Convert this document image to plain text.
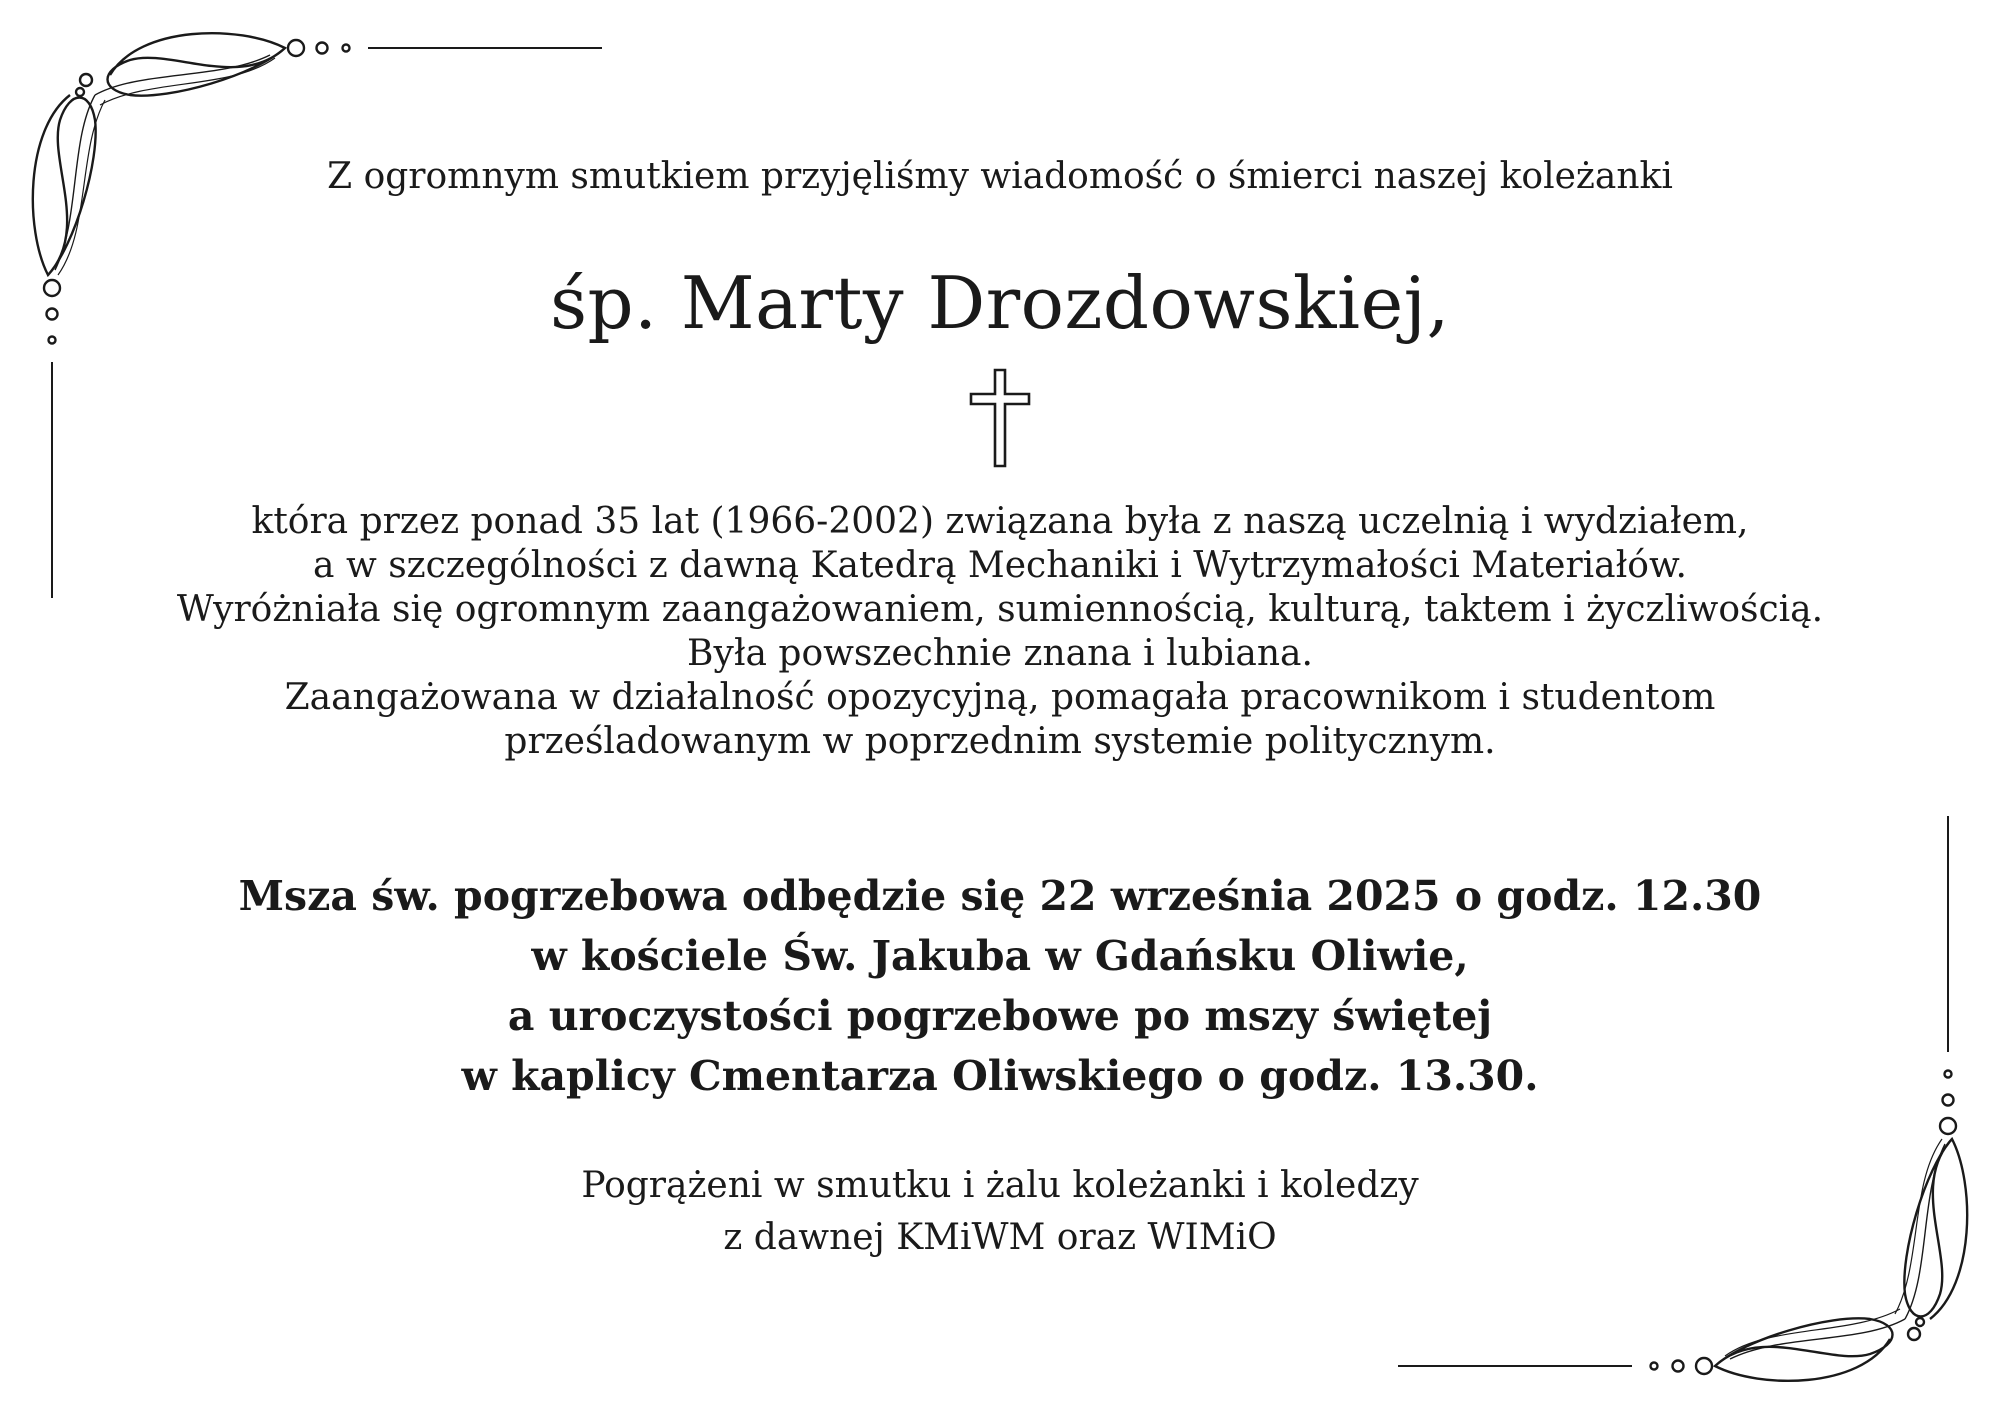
Z ogromnym smutkiem przyjęliśmy wiadomość o śmierci naszej koleżanki
śp. Marty Drozdowskiej,
która przez ponad 35 lat (1966-2002) związana była z naszą uczelnią i wydziałem,
a w szczególności z dawną Katedrą Mechaniki i Wytrzymałości Materiałów.
Wyróżniała się ogromnym zaangażowaniem, sumiennością, kulturą, taktem i życzliwością.
Była powszechnie znana i lubiana.
Zaangażowana w działalność opozycyjną, pomagała pracownikom i studentom
prześladowanym w poprzednim systemie politycznym.
Msza św. pogrzebowa odbędzie się 22 września 2025 o godz. 12.30
w kościele Św. Jakuba w Gdańsku Oliwie,
a uroczystości pogrzebowe po mszy świętej
w kaplicy Cmentarza Oliwskiego o godz. 13.30.
Pogrążeni w smutku i żalu koleżanki i koledzy
z dawnej KMiWM oraz WIMiO
